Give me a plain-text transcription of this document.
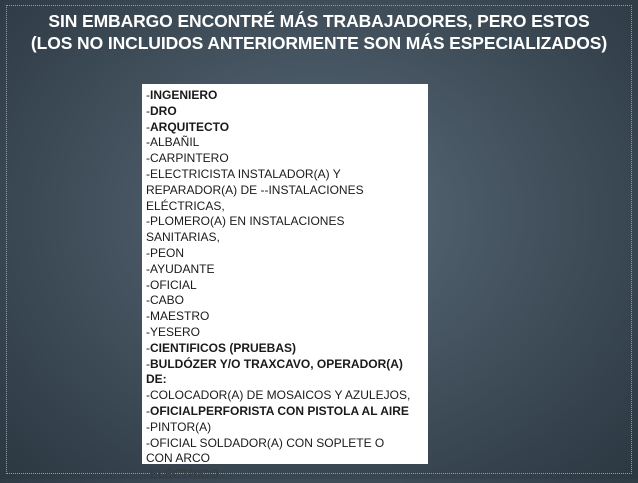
SIN EMBARGO ENCONTRÉ MÁS TRABAJADORES, PERO ESTOS
(LOS NO INCLUIDOS ANTERIORMENTE SON MÁS ESPECIALIZADOS)
-INGENIERO
-DRO
-ARQUITECTO
-ALBAÑIL
-CARPINTERO
-ELECTRICISTA INSTALADOR(A) Y
REPARADOR(A) DE --INSTALACIONES
ELÉCTRICAS,
-PLOMERO(A) EN INSTALACIONES
SANITARIAS,
-PEON
-AYUDANTE
-OFICIAL
-CABO
-MAESTRO
-YESERO
-CIENTIFICOS (PRUEBAS)
-BULDÓZER Y/O TRAXCAVO, OPERADOR(A)
DE:
-COLOCADOR(A) DE MOSAICOS Y AZULEJOS,
-OFICIALPERFORISTA CON PISTOLA AL AIRE
-PINTOR(A)
-OFICIAL SOLDADOR(A) CON SOPLETE O
CON ARCO
-ELÉCTRICO
